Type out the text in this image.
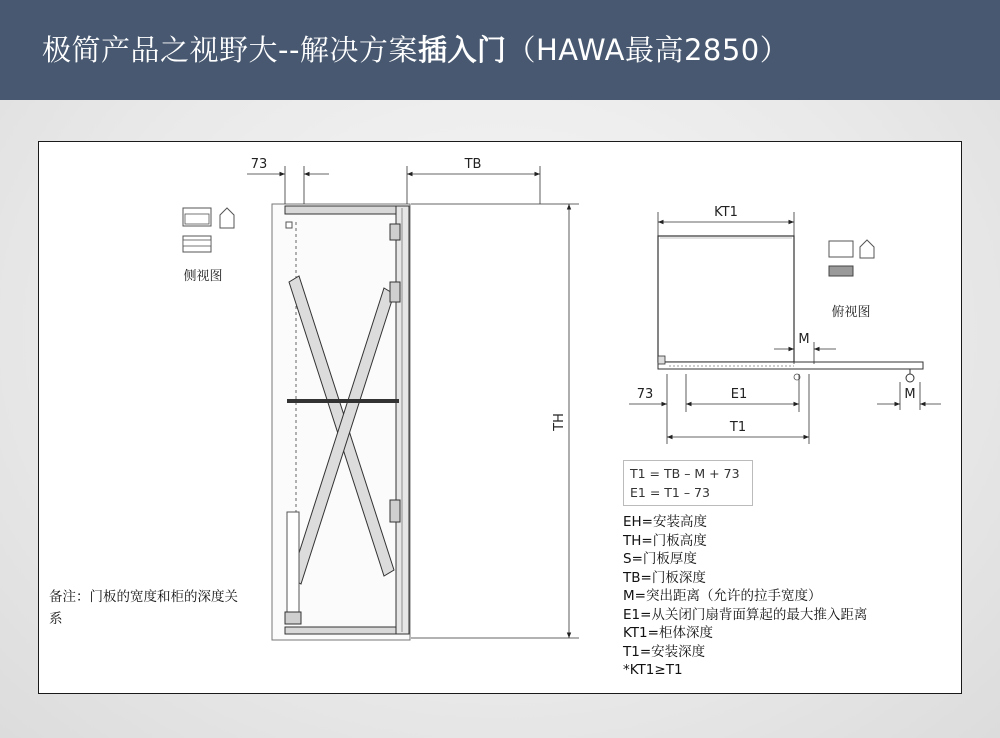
极简产品之视野大--解决方案插入门（HAWA最高2850）
侧视图
73	TB
TH
俯视图
KT1
M
73	E1	M
T1
T1 = TB – M + 73
E1 = T1 – 73
EH=安装高度
TH=门板高度
S=门板厚度
TB=门板深度
M=突出距离（允许的拉手宽度）
E1=从关闭门扇背面算起的最大推入距离
KT1=柜体深度
T1=安装深度
*KT1≥T1
备注：门板的宽度和柜的深度关系
